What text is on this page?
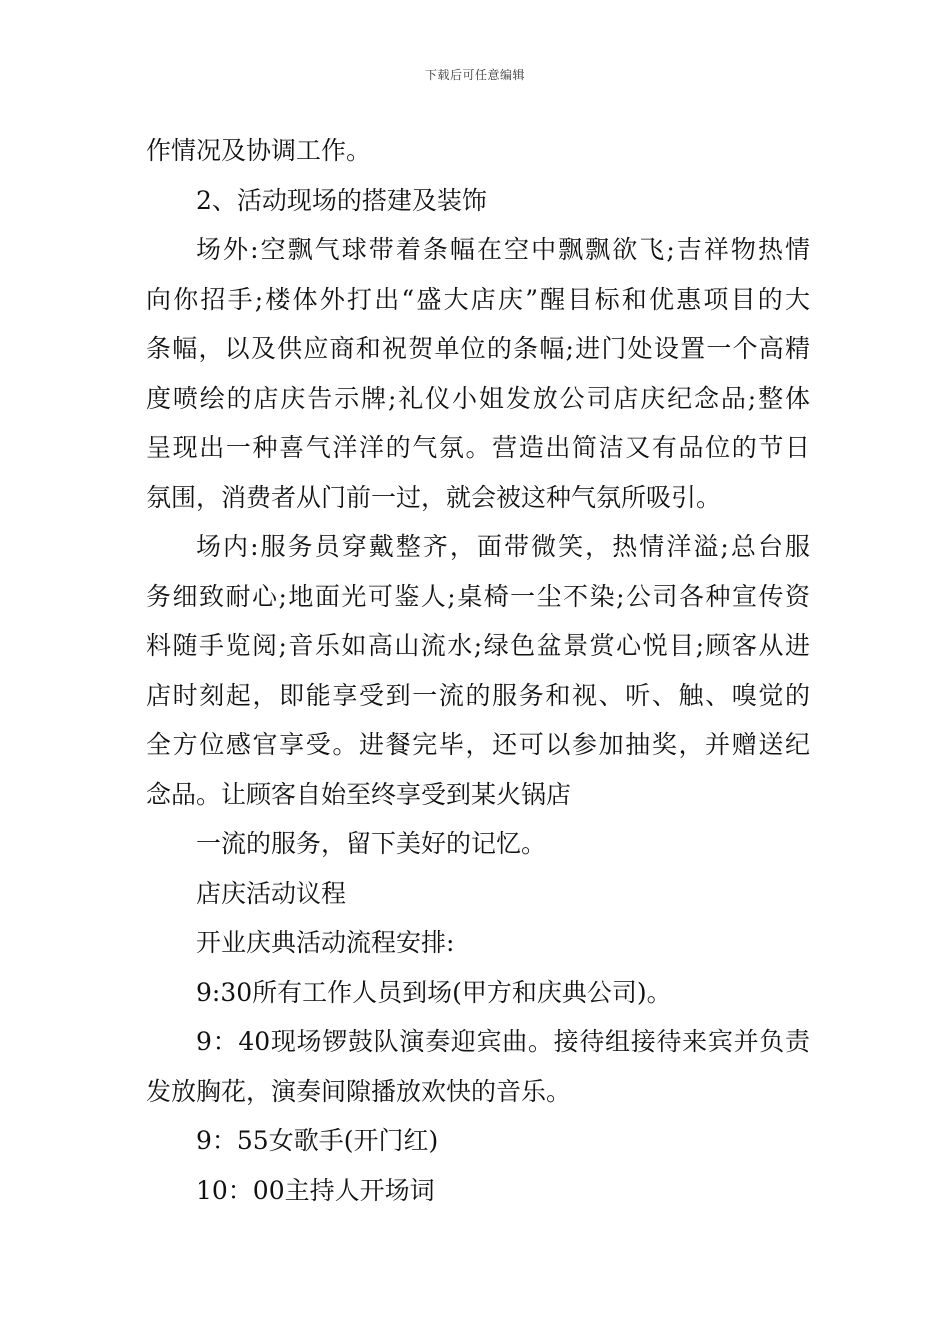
下载后可任意编辑
作情况及协调工作。
2、活动现场的搭建及装饰
场外:空飘气球带着条幅在空中飘飘欲飞;吉祥物热情
向你招手;楼体外打出“盛大店庆”醒目标和优惠项目的大
条幅，以及供应商和祝贺单位的条幅;进门处设置一个高精
度喷绘的店庆告示牌;礼仪小姐发放公司店庆纪念品;整体
呈现出一种喜气洋洋的气氛。营造出简洁又有品位的节日
氛围，消费者从门前一过，就会被这种气氛所吸引。
场内:服务员穿戴整齐，面带微笑，热情洋溢;总台服
务细致耐心;地面光可鉴人;桌椅一尘不染;公司各种宣传资
料随手览阅;音乐如高山流水;绿色盆景赏心悦目;顾客从进
店时刻起，即能享受到一流的服务和视、听、触、嗅觉的
全方位感官享受。进餐完毕，还可以参加抽奖，并赠送纪
念品。让顾客自始至终享受到某火锅店
一流的服务，留下美好的记忆。
店庆活动议程
开业庆典活动流程安排:
9:30所有工作人员到场(甲方和庆典公司)。
9：40现场锣鼓队演奏迎宾曲。接待组接待来宾并负责
发放胸花，演奏间隙播放欢快的音乐。
9：55女歌手(开门红)
10：00主持人开场词
